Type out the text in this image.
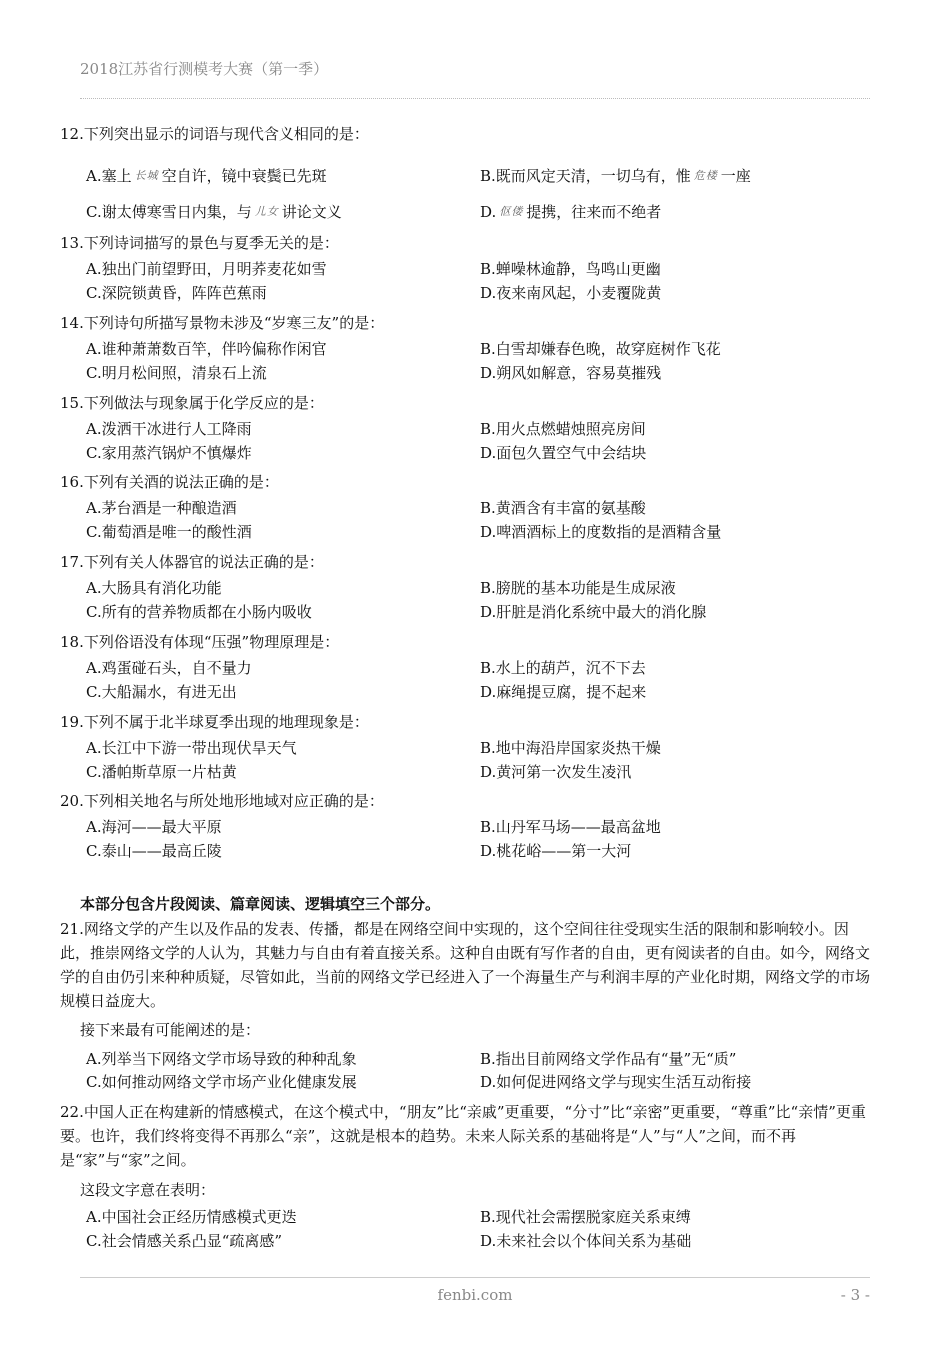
2018江苏省行测模考大赛（第一季）
12.下列突出显示的词语与现代含义相同的是：
A.塞上 长城 空自许，镜中衰鬓已先斑	B.既而风定天清，一切乌有，惟 危楼 一座
C.谢太傅寒雪日内集，与 儿女 讲论文义	D. 伛偻 提携，往来而不绝者
13.下列诗词描写的景色与夏季无关的是：
A.独出门前望野田，月明荞麦花如雪	B.蝉噪林逾静，鸟鸣山更幽
C.深院锁黄昏，阵阵芭蕉雨	D.夜来南风起，小麦覆陇黄
14.下列诗句所描写景物未涉及“岁寒三友”的是：
A.谁种萧萧数百竿，伴吟偏称作闲官	B.白雪却嫌春色晚，故穿庭树作飞花
C.明月松间照，清泉石上流	D.朔风如解意，容易莫摧残
15.下列做法与现象属于化学反应的是：
A.泼洒干冰进行人工降雨	B.用火点燃蜡烛照亮房间
C.家用蒸汽锅炉不慎爆炸	D.面包久置空气中会结块
16.下列有关酒的说法正确的是：
A.茅台酒是一种酿造酒	B.黄酒含有丰富的氨基酸
C.葡萄酒是唯一的酸性酒	D.啤酒酒标上的度数指的是酒精含量
17.下列有关人体器官的说法正确的是：
A.大肠具有消化功能	B.膀胱的基本功能是生成尿液
C.所有的营养物质都在小肠内吸收	D.肝脏是消化系统中最大的消化腺
18.下列俗语没有体现“压强”物理原理是：
A.鸡蛋碰石头，自不量力	B.水上的葫芦，沉不下去
C.大船漏水，有进无出	D.麻绳提豆腐，提不起来
19.下列不属于北半球夏季出现的地理现象是：
A.长江中下游一带出现伏旱天气	B.地中海沿岸国家炎热干燥
C.潘帕斯草原一片枯黄	D.黄河第一次发生凌汛
20.下列相关地名与所处地形地域对应正确的是：
A.海河——最大平原	B.山丹军马场——最高盆地
C.泰山——最高丘陵	D.桃花峪——第一大河
本部分包含片段阅读、篇章阅读、逻辑填空三个部分。
21.网络文学的产生以及作品的发表、传播，都是在网络空间中实现的，这个空间往往受现实生活的限制和影响较小。因此，推崇网络文学的人认为，其魅力与自由有着直接关系。这种自由既有写作者的自由，更有阅读者的自由。如今，网络文学的自由仍引来种种质疑，尽管如此，当前的网络文学已经进入了一个海量生产与利润丰厚的产业化时期，网络文学的市场规模日益庞大。
接下来最有可能阐述的是：
A.列举当下网络文学市场导致的种种乱象	B.指出目前网络文学作品有“量”无“质”
C.如何推动网络文学市场产业化健康发展	D.如何促进网络文学与现实生活互动衔接
22.中国人正在构建新的情感模式，在这个模式中，“朋友”比“亲戚”更重要，“分寸”比“亲密”更重要，“尊重”比“亲情”更重要。也许，我们终将变得不再那么“亲”，这就是根本的趋势。未来人际关系的基础将是“人”与“人”之间，而不再是“家”与“家”之间。
这段文字意在表明：
A.中国社会正经历情感模式更迭	B.现代社会需摆脱家庭关系束缚
C.社会情感关系凸显“疏离感”	D.未来社会以个体间关系为基础
fenbi.com	- 3 -
